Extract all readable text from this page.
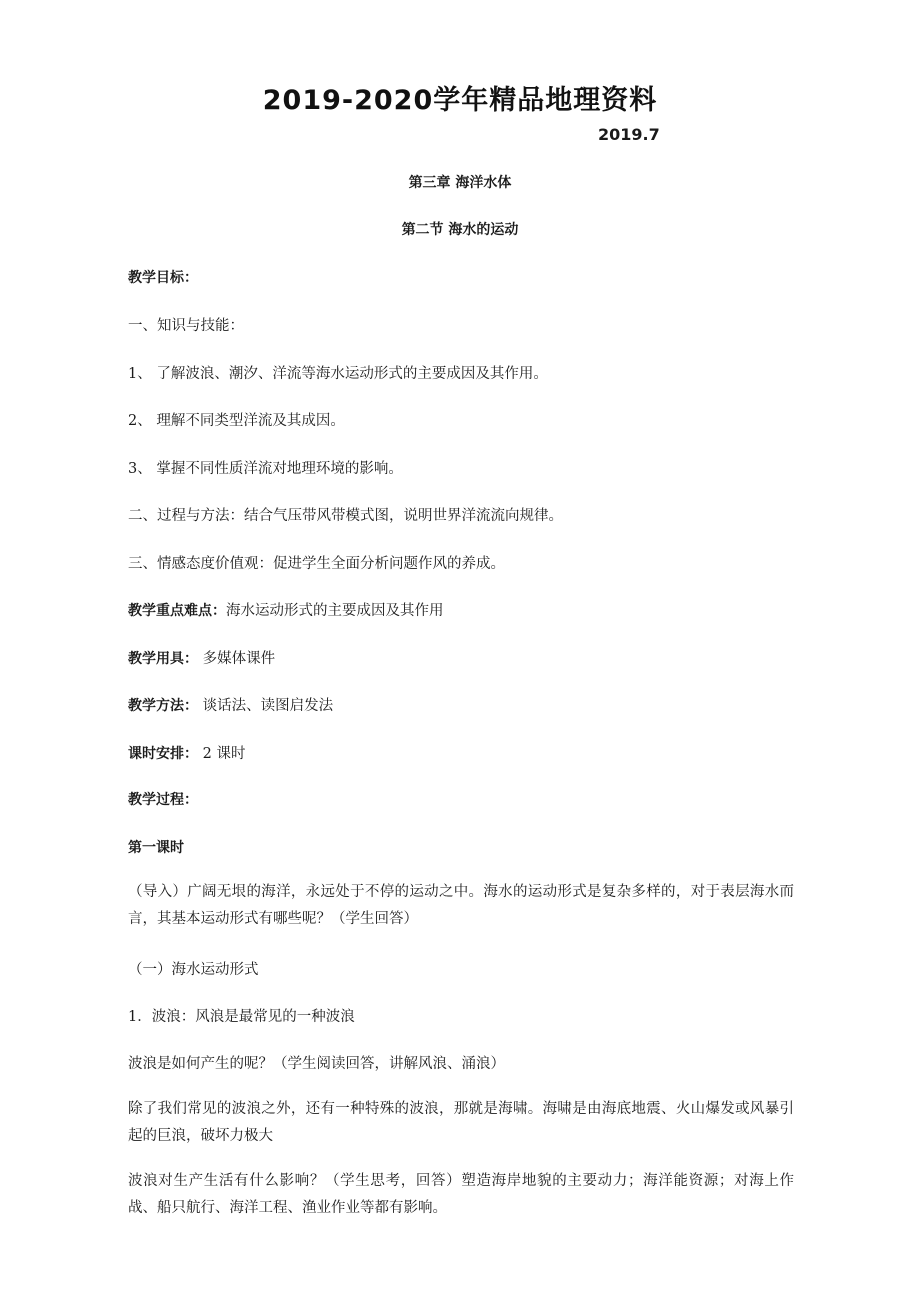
2019-2020学年精品地理资料
2019.7
第三章 海洋水体
第二节 海水的运动
教学目标：
一、知识与技能：
1、 了解波浪、潮汐、洋流等海水运动形式的主要成因及其作用。
2、 理解不同类型洋流及其成因。
3、 掌握不同性质洋流对地理环境的影响。
二、过程与方法：结合气压带风带模式图，说明世界洋流流向规律。
三、情感态度价值观：促进学生全面分析问题作风的养成。
教学重点难点：海水运动形式的主要成因及其作用
教学用具： 多媒体课件
教学方法： 谈话法、读图启发法
课时安排： 2 课时
教学过程：
第一课时
（导入）广阔无垠的海洋，永远处于不停的运动之中。海水的运动形式是复杂多样的，对于表层海水而言，其基本运动形式有哪些呢？（学生回答）
（一）海水运动形式
1．波浪：风浪是最常见的一种波浪
波浪是如何产生的呢？（学生阅读回答，讲解风浪、涌浪）
除了我们常见的波浪之外，还有一种特殊的波浪，那就是海啸。海啸是由海底地震、火山爆发或风暴引起的巨浪，破坏力极大
波浪对生产生活有什么影响？（学生思考，回答）塑造海岸地貌的主要动力；海洋能资源；对海上作战、船只航行、海洋工程、渔业作业等都有影响。
